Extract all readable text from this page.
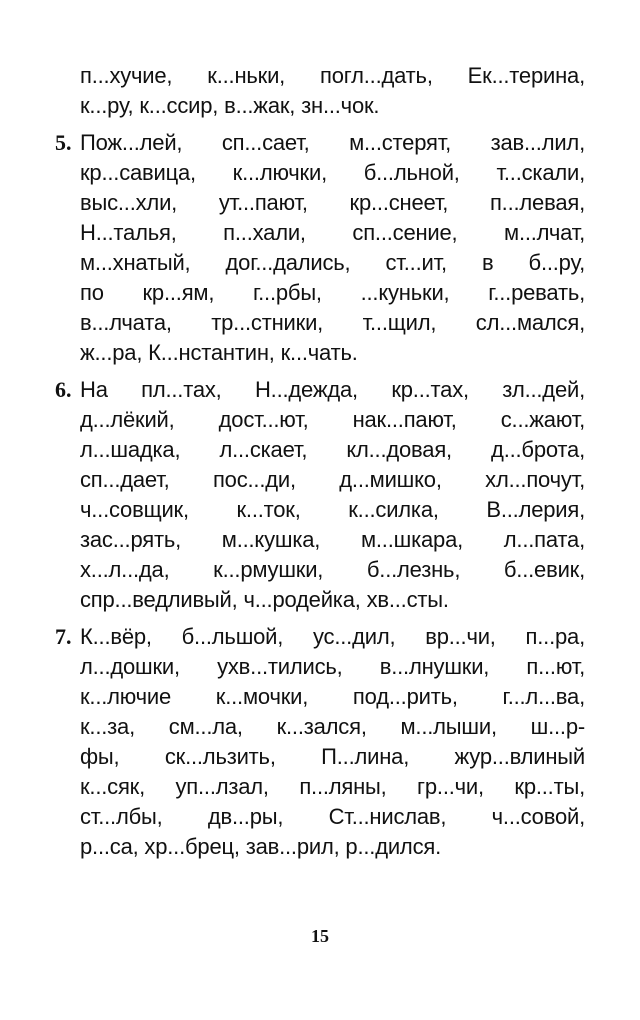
п...хучие, к...ньки, погл...дать, Ек...терина,
к...ру, к...ссир, в...жак, зн...чок.
5. Пож...лей, сп...сает, м...стерят, зав...лил,
кр...савица, к...лючки, б...льной, т...скали,
выс...хли, ут...пают, кр...снеет, п...левая,
Н...талья, п...хали, сп...сение, м...лчат,
м...хнатый, дог...дались, ст...ит, в б...ру,
по кр...ям, г...рбы, ...куньки, г...ревать,
в...лчата, тр...стники, т...щил, сл...мался,
ж...ра, К...нстантин, к...чать.
6. На пл...тах, Н...дежда, кр...тах, зл...дей,
д...лёкий, дост...ют, нак...пают, с...жают,
л...шадка, л...скает, кл...довая, д...брота,
сп...дает, пос...ди, д...мишко, хл...почут,
ч...совщик, к...ток, к...силка, В...лерия,
зас...рять, м...кушка, м...шкара, л...пата,
х...л...да, к...рмушки, б...лезнь, б...евик,
спр...ведливый, ч...родейка, хв...сты.
7. К...вёр, б...льшой, ус...дил, вр...чи, п...ра,
л...дошки, ухв...тились, в...лнушки, п...ют,
к...лючие к...мочки, под...рить, г...л...ва,
к...за, см...ла, к...зался, м...лыши, ш...р-
фы, ск...льзить, П...лина, жур...влиный
к...сяк, уп...лзал, п...ляны, гр...чи, кр...ты,
ст...лбы, дв...ры, Ст...нислав, ч...совой,
р...са, хр...брец, зав...рил, р...дился.
15
